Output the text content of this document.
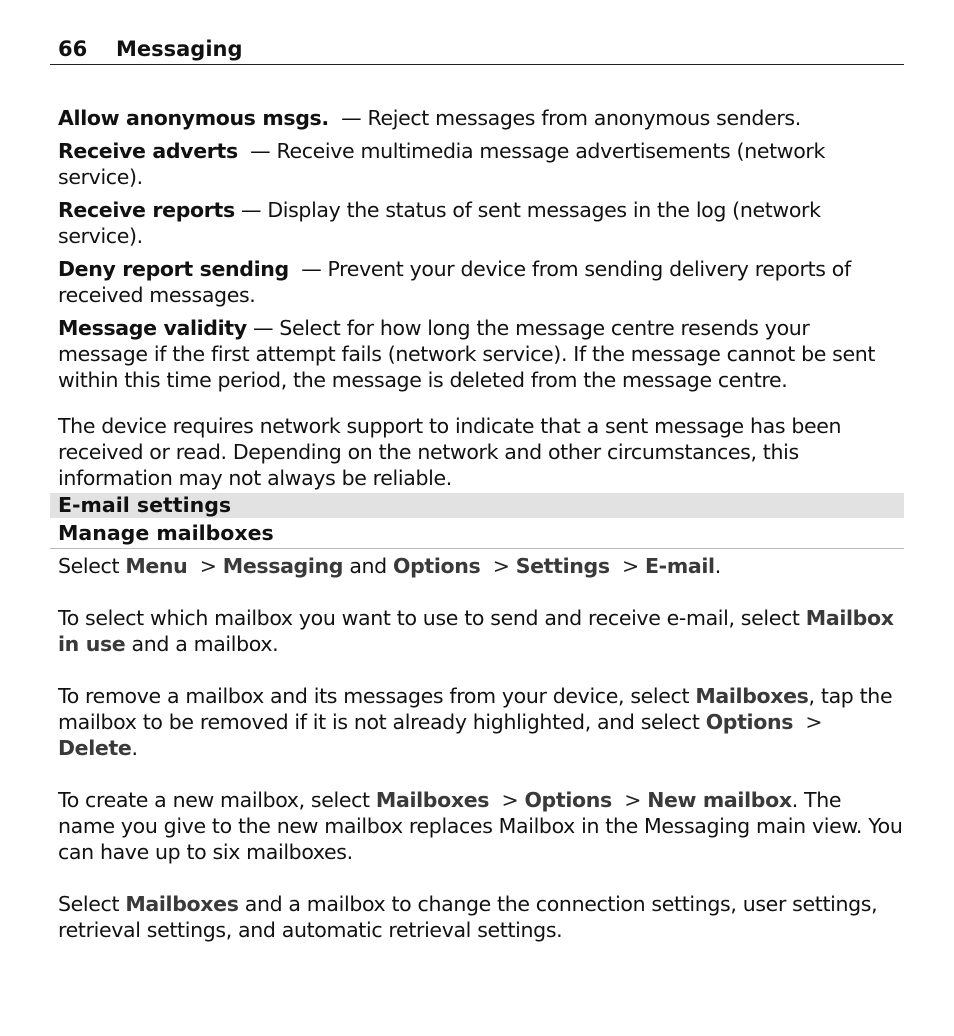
66 Messaging

Allow anonymous msgs. — Reject messages from anonymous senders.

Receive adverts — Receive multimedia message advertisements (network service).

Receive reports — Display the status of sent messages in the log (network service).

Deny report sending — Prevent your device from sending delivery reports of received messages.

Message validity — Select for how long the message centre resends your message if the first attempt fails (network service). If the message cannot be sent within this time period, the message is deleted from the message centre.

The device requires network support to indicate that a sent message has been received or read. Depending on the network and other circumstances, this information may not always be reliable.

E-mail settings
Manage mailboxes

Select Menu > Messaging and Options > Settings > E-mail.

To select which mailbox you want to use to send and receive e-mail, select Mailbox in use and a mailbox.

To remove a mailbox and its messages from your device, select Mailboxes, tap the mailbox to be removed if it is not already highlighted, and select Options > Delete.

To create a new mailbox, select Mailboxes > Options > New mailbox. The name you give to the new mailbox replaces Mailbox in the Messaging main view. You can have up to six mailboxes.

Select Mailboxes and a mailbox to change the connection settings, user settings, retrieval settings, and automatic retrieval settings.
